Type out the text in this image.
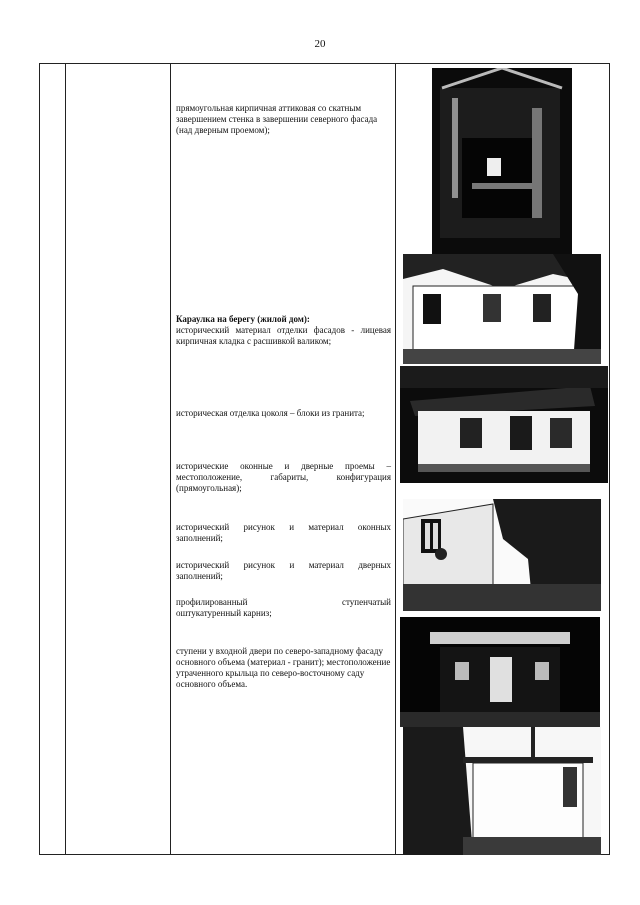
20

прямоугольная кирпичная аттиковая со скатным завершением стенка в завершении северного фасада (над дверным проемом);

Караулка на берегу (жилой дом):

исторический материал отделки фасадов - лицевая кирпичная кладка с расшивкой валиком;

историческая отделка цоколя – блоки из гранита;

исторические оконные и дверные проемы – местоположение, габариты, конфигурация (прямоугольная);

исторический рисунок и материал оконных заполнений;

исторический рисунок и материал дверных заполнений;

профилированный	ступенчатый

оштукатуренный карниз;

ступени у входной двери по северо-западному фасаду основного объема (материал - гранит); местоположение утраченного крыльца по северо-восточному саду основного объема.
